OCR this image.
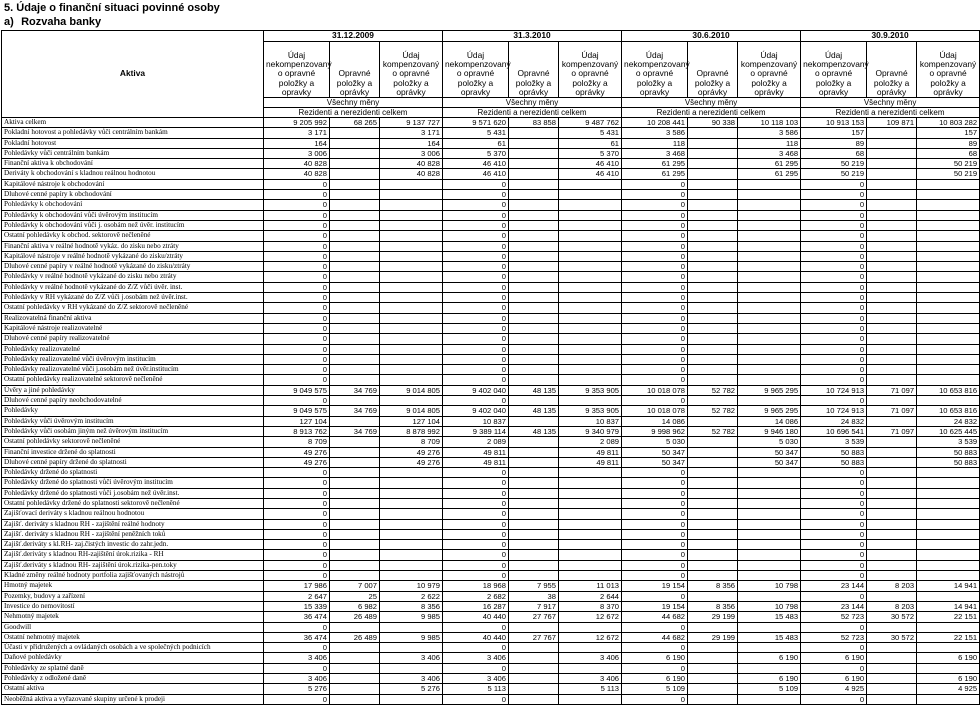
5. Údaje o finanční situaci povinné osoby
a) Rozvaha banky
Aktiva	31.12.2009			31.3.2010			30.6.2010			30.9.2010		
	Údaj nekompenzovaný o opravné položky a opravky	Opravné položky a oprávky	Údaj kompenzovaný o opravné položky a oprávky	Údaj nekompenzovaný o opravné položky a opravky	Opravné položky a oprávky	Údaj kompenzovaný o opravné položky a oprávky	Údaj nekompenzovaný o opravné položky a opravky	Opravné položky a oprávky	Údaj kompenzovaný o opravné položky a oprávky	Údaj nekompenzovaný o opravné položky a opravky	Opravné položky a oprávky	Údaj kompenzovaný o opravné položky a oprávky
	Všechny měny			Všechny měny			Všechny měny			Všechny měny		
	Rezidenti a nerezidenti celkem			Rezidenti a nerezidenti celkem			Rezidenti a nerezidenti celkem			Rezidenti a nerezidenti celkem		
Aktiva celkem	9 205 992	68 265	9 137 727	9 571 620	83 858	9 487 762	10 208 441	90 338	10 118 103	10 913 153	109 871	10 803 282
Pokladní hotovost a pohledávky vůči centrálním bankám	3 171		3 171	5 431		5 431	3 586		3 586	157		157
Pokladní hotovost	164		164	61		61	118		118	89		89
Pohledávky vůči centrálním bankám	3 006		3 006	5 370		5 370	3 468		3 468	68		68
Finanční aktiva k obchodování	40 828		40 828	46 410		46 410	61 295		61 295	50 219		50 219
Deriváty k obchodování s kladnou reálnou hodnotou	40 828		40 828	46 410		46 410	61 295		61 295	50 219		50 219
Kapitálové nástroje k obchodování	0			0			0			0		
Dluhové cenné papíry k obchodování	0			0			0			0		
Pohledávky k obchodování	0			0			0			0		
Pohledávky k obchodování vůči úvěrovým institucím	0			0			0			0		
Pohledávky k obchodování vůči j. osobám než úvěr. institucím	0			0			0			0		
Ostatní pohledávky k obchod. sektorově nečleněné	0			0			0			0		
Finanční aktiva v reálné hodnotě vykáz. do zisku nebo ztráty	0			0			0			0		
Kapitálové nástroje v reálné hodnotě vykázané do zisku/ztráty	0			0			0			0		
Dluhové cenné papíry v reálné hodnotě vykázané do zisku/ztráty	0			0			0			0		
Pohledávky v reálné hodnotě vykázané do zisku nebo ztráty	0			0			0			0		
Pohledávky v reálné hodnotě vykázané do Z/Z vůči úvěr. inst.	0			0			0			0		
Pohledávky v RH vykázané do Z/Z vůči j.osobám než úvěr.inst.	0			0			0			0		
Ostatní pohledávky v RH vykázané do Z/Z sektorově nečleněné	0			0			0			0		
Realizovatelná finanční aktiva	0			0			0			0		
Kapitálové nástroje realizovatelné	0			0			0			0		
Dluhové cenné papíry realizovatelné	0			0			0			0		
Pohledávky realizovatelné	0			0			0			0		
Pohledávky realizovatelné vůči úvěrovým institucím	0			0			0			0		
Pohledávky realizovatelné vůči j.osobám než úvěr.institucím	0			0			0			0		
Ostatní pohledávky realizovatelné sektorově nečleněné	0			0			0			0		
Úvěry a jiné pohledávky	9 049 575	34 769	9 014 805	9 402 040	48 135	9 353 905	10 018 078	52 782	9 965 295	10 724 913	71 097	10 653 816
Dluhové cenné papíry neobchodovatelné	0			0			0			0		
Pohledávky	9 049 575	34 769	9 014 805	9 402 040	48 135	9 353 905	10 018 078	52 782	9 965 295	10 724 913	71 097	10 653 816
Pohledávky vůči úvěrovým institucím	127 104		127 104	10 837		10 837	14 086		14 086	24 832		24 832
Pohledávky vůči osobám jiným než úvěrovým institucím	8 913 762	34 769	8 878 992	9 389 114	48 135	9 340 979	9 998 962	52 782	9 946 180	10 696 541	71 097	10 625 445
Ostatní pohledávky sektorově nečleněné	8 709		8 709	2 089		2 089	5 030		5 030	3 539		3 539
Finanční investice držené do splatnosti	49 276		49 276	49 811		49 811	50 347		50 347	50 883		50 883
Dluhové cenné papíry držené do splatnosti	49 276		49 276	49 811		49 811	50 347		50 347	50 883		50 883
Pohledávky držené do splatnosti	0			0			0			0		
Pohledávky držené do splatnosti vůči úvěrovým institucím	0			0			0			0		
Pohledávky držené do splatnosti vůči j.osobám než úvěr.inst.	0			0			0			0		
Ostatní pohledávky držené do splatnosti sektorově nečleněné	0			0			0			0		
Zajišťovací deriváty s kladnou reálnou hodnotou	0			0			0			0		
Zajišť. deriváty s kladnou RH - zajištění reálné hodnoty	0			0			0			0		
Zajišť. deriváty s kladnou RH - zajištění peněžních toků	0			0			0			0		
Zajišť.deriváty s kl.RH- zaj.čistých investic do zahr.jedn.	0			0			0			0		
Zajišť.deriváty s kladnou RH-zajištění úrok.rizika - RH	0			0			0			0		
Zajišť.deriváty s kladnou RH- zajištění úrok.rizika-pen.toky	0			0			0			0		
Kladné změny reálné hodnoty portfolia zajišťovaných nástrojů	0			0			0			0		
Hmotný majetek	17 986	7 007	10 979	18 968	7 955	11 013	19 154	8 356	10 798	23 144	8 203	14 941
Pozemky, budovy a zařízení	2 647	25	2 622	2 682	38	2 644	0			0		
Investice do nemovitostí	15 339	6 982	8 356	16 287	7 917	8 370	19 154	8 356	10 798	23 144	8 203	14 941
Nehmotný majetek	36 474	26 489	9 985	40 440	27 767	12 672	44 682	29 199	15 483	52 723	30 572	22 151
Goodwill	0			0			0			0		
Ostatní nehmotný majetek	36 474	26 489	9 985	40 440	27 767	12 672	44 682	29 199	15 483	52 723	30 572	22 151
Účasti v přidružených a ovládaných osobách a ve společných podnicích	0			0			0			0		
Daňové pohledávky	3 406		3 406	3 406		3 406	6 190		6 190	6 190		6 190
Pohledávky ze splatné daně	0			0			0			0		
Pohledávky z odložené daně	3 406		3 406	3 406		3 406	6 190		6 190	6 190		6 190
Ostatní aktiva	5 276		5 276	5 113		5 113	5 109		5 109	4 925		4 925
Neoběžná aktiva a vyřazované skupiny určené k prodeji	0			0			0			0		
